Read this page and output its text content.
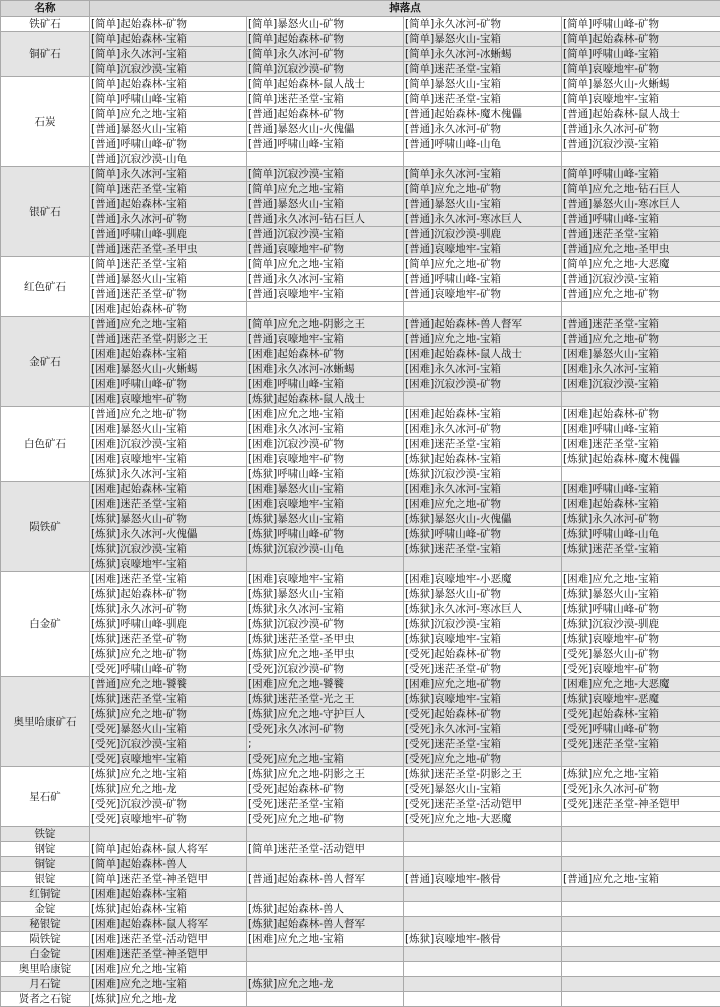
名称	掉落点			
铁矿石	[简单]起始森林-矿物	[简单]暴怒火山-矿物	[简单]永久冰河-矿物	[简单]呼啸山峰-矿物
铜矿石	[简单]起始森林-宝箱	[简单]起始森林-矿物	[简单]暴怒火山-宝箱	[简单]起始森林-矿物
	[简单]永久冰河-宝箱	[简单]永久冰河-矿物	[简单]永久冰河-冰蜥蜴	[简单]呼啸山峰-宝箱
	[简单]沉寂沙漠-宝箱	[简单]沉寂沙漠-矿物	[简单]迷茫圣堂-宝箱	[简单]哀嚎地牢-矿物
石炭	[简单]起始森林-宝箱	[简单]起始森林-鼠人战士	[简单]暴怒火山-宝箱	[简单]暴怒火山-火蜥蜴
	[简单]呼啸山峰-宝箱	[简单]迷茫圣堂-宝箱	[简单]迷茫圣堂-宝箱	[简单]哀嚎地牢-宝箱
	[简单]应允之地-宝箱	[普通]起始森林-矿物	[普通]起始森林-魔木傀儡	[普通]起始森林-鼠人战士
	[普通]暴怒火山-宝箱	[普通]暴怒火山-火傀儡	[普通]永久冰河-矿物	[普通]永久冰河-矿物
	[普通]呼啸山峰-矿物	[普通]呼啸山峰-宝箱	[普通]呼啸山峰-山龟	[普通]沉寂沙漠-宝箱
	[普通]沉寂沙漠-山龟			
银矿石	[简单]永久冰河-宝箱	[简单]沉寂沙漠-宝箱	[简单]永久冰河-宝箱	[简单]呼啸山峰-宝箱
	[简单]迷茫圣堂-宝箱	[简单]应允之地-宝箱	[简单]应允之地-矿物	[简单]应允之地-钻石巨人
	[普通]起始森林-宝箱	[普通]暴怒火山-宝箱	[普通]暴怒火山-宝箱	[普通]暴怒火山-寒冰巨人
	[普通]永久冰河-矿物	[普通]永久冰河-钻石巨人	[普通]永久冰河-寒冰巨人	[普通]呼啸山峰-宝箱
	[普通]呼啸山峰-驯鹿	[普通]沉寂沙漠-宝箱	[普通]沉寂沙漠-驯鹿	[普通]迷茫圣堂-宝箱
	[普通]迷茫圣堂-圣甲虫	[普通]哀嚎地牢-矿物	[普通]哀嚎地牢-宝箱	[普通]应允之地-圣甲虫
红色矿石	[简单]迷茫圣堂-宝箱	[简单]应允之地-宝箱	[简单]应允之地-矿物	[简单]应允之地-大恶魔
	[普通]暴怒火山-宝箱	[普通]永久冰河-宝箱	[普通]呼啸山峰-宝箱	[普通]沉寂沙漠-宝箱
	[普通]迷茫圣堂-矿物	[普通]哀嚎地牢-宝箱	[普通]哀嚎地牢-矿物	[普通]应允之地-矿物
	[困难]起始森林-矿物			
金矿石	[普通]应允之地-宝箱	[简单]应允之地-阴影之王	[普通]起始森林-兽人督军	[普通]迷茫圣堂-宝箱
	[普通]迷茫圣堂-阴影之王	[普通]哀嚎地牢-宝箱	[普通]应允之地-宝箱	[普通]应允之地-矿物
	[困难]起始森林-宝箱	[困难]起始森林-矿物	[困难]起始森林-鼠人战士	[困难]暴怒火山-宝箱
	[困难]暴怒火山-火蜥蜴	[困难]永久冰河-冰蜥蜴	[困难]永久冰河-宝箱	[困难]永久冰河-宝箱
	[困难]呼啸山峰-矿物	[困难]呼啸山峰-宝箱	[困难]沉寂沙漠-矿物	[困难]沉寂沙漠-宝箱
	[困难]哀嚎地牢-矿物	[炼狱]起始森林-鼠人战士		
白色矿石	[普通]应允之地-矿物	[困难]应允之地-宝箱	[困难]起始森林-宝箱	[困难]起始森林-矿物
	[困难]暴怒火山-宝箱	[困难]永久冰河-宝箱	[困难]永久冰河-矿物	[困难]呼啸山峰-宝箱
	[困难]沉寂沙漠-宝箱	[困难]沉寂沙漠-矿物	[困难]迷茫圣堂-宝箱	[困难]迷茫圣堂-宝箱
	[困难]哀嚎地牢-宝箱	[困难]哀嚎地牢-矿物	[炼狱]起始森林-宝箱	[炼狱]起始森林-魔木傀儡
	[炼狱]永久冰河-宝箱	[炼狱]呼啸山峰-宝箱	[炼狱]沉寂沙漠-宝箱	
陨铁矿	[困难]起始森林-宝箱	[困难]暴怒火山-宝箱	[困难]永久冰河-宝箱	[困难]呼啸山峰-宝箱
	[困难]迷茫圣堂-宝箱	[困难]哀嚎地牢-宝箱	[困难]应允之地-矿物	[困难]起始森林-宝箱
	[炼狱]暴怒火山-矿物	[炼狱]暴怒火山-宝箱	[炼狱]暴怒火山-火傀儡	[炼狱]永久冰河-矿物
	[炼狱]永久冰河-火傀儡	[炼狱]呼啸山峰-矿物	[炼狱]呼啸山峰-矿物	[炼狱]呼啸山峰-山龟
	[炼狱]沉寂沙漠-宝箱	[炼狱]沉寂沙漠-山龟	[炼狱]迷茫圣堂-宝箱	[炼狱]迷茫圣堂-宝箱
	[炼狱]哀嚎地牢-宝箱			
白金矿	[困难]迷茫圣堂-宝箱	[困难]哀嚎地牢-宝箱	[困难]哀嚎地牢-小恶魔	[困难]应允之地-宝箱
	[炼狱]起始森林-矿物	[炼狱]暴怒火山-宝箱	[炼狱]暴怒火山-矿物	[炼狱]暴怒火山-宝箱
	[炼狱]永久冰河-矿物	[炼狱]永久冰河-宝箱	[炼狱]永久冰河-寒冰巨人	[炼狱]呼啸山峰-矿物
	[炼狱]呼啸山峰-驯鹿	[炼狱]沉寂沙漠-矿物	[炼狱]沉寂沙漠-宝箱	[炼狱]沉寂沙漠-驯鹿
	[炼狱]迷茫圣堂-矿物	[炼狱]迷茫圣堂-圣甲虫	[炼狱]哀嚎地牢-宝箱	[炼狱]哀嚎地牢-矿物
	[炼狱]应允之地-矿物	[炼狱]应允之地-圣甲虫	[受死]起始森林-矿物	[受死]暴怒火山-矿物
	[受死]呼啸山峰-矿物	[受死]沉寂沙漠-矿物	[受死]迷茫圣堂-矿物	[受死]哀嚎地牢-矿物
奥里哈康矿石	[普通]应允之地-饕餮	[困难]应允之地-饕餮	[困难]应允之地-矿物	[困难]应允之地-大恶魔
	[炼狱]迷茫圣堂-宝箱	[炼狱]迷茫圣堂-光之王	[炼狱]哀嚎地牢-宝箱	[炼狱]哀嚎地牢-恶魔
	[炼狱]应允之地-矿物	[炼狱]应允之地-守护巨人	[受死]起始森林-矿物	[受死]起始森林-宝箱
	[受死]暴怒火山-宝箱	[受死]永久冰河-矿物	[受死]永久冰河-宝箱	[受死]呼啸山峰-矿物
	[受死]沉寂沙漠-宝箱	;	[受死]迷茫圣堂-宝箱	[受死]迷茫圣堂-宝箱
	[受死]哀嚎地牢-宝箱	[受死]应允之地-宝箱	[受死]应允之地-矿物	
星石矿	[炼狱]应允之地-宝箱	[炼狱]应允之地-阴影之王	[炼狱]迷茫圣堂-阴影之王	[炼狱]应允之地-宝箱
	[炼狱]应允之地-龙	[受死]起始森林-矿物	[受死]暴怒火山-宝箱	[受死]永久冰河-矿物
	[受死]沉寂沙漠-矿物	[受死]迷茫圣堂-宝箱	[受死]迷茫圣堂-活动铠甲	[受死]迷茫圣堂-神圣铠甲
	[受死]哀嚎地牢-矿物	[受死]应允之地-矿物	[受死]应允之地-大恶魔	
铁锭				
钢锭	[简单]起始森林-鼠人将军	[简单]迷茫圣堂-活动铠甲		
铜锭	[简单]起始森林-兽人			
银锭	[简单]迷茫圣堂-神圣铠甲	[普通]起始森林-兽人督军	[普通]哀嚎地牢-骸骨	[普通]应允之地-宝箱
红铜锭	[困难]起始森林-宝箱			
金锭	[炼狱]起始森林-宝箱	[炼狱]起始森林-兽人		
秘银锭	[困难]起始森林-鼠人将军	[炼狱]起始森林-兽人督军		
陨铁锭	[困难]迷茫圣堂-活动铠甲	[困难]应允之地-宝箱	[炼狱]哀嚎地牢-骸骨	
白金锭	[困难]迷茫圣堂-神圣铠甲			
奥里哈康锭	[困难]应允之地-宝箱			
月石锭	[困难]应允之地-宝箱	[炼狱]应允之地-龙		
贤者之石锭	[炼狱]应允之地-龙			
